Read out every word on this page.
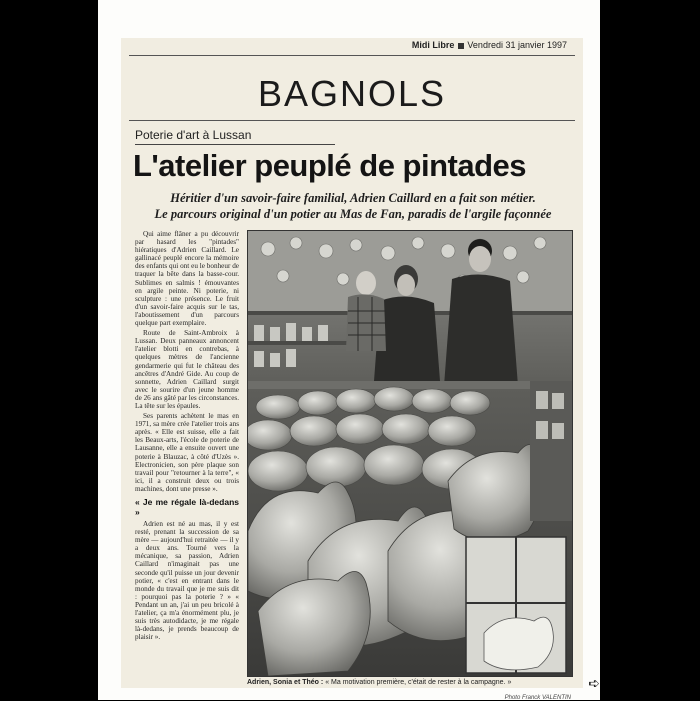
Midi Libre Vendredi 31 janvier 1997
BAGNOLS
Poterie d'art à Lussan
L'atelier peuplé de pintades
Héritier d'un savoir-faire familial, Adrien Caillard en a fait son métier.
Le parcours original d'un potier au Mas de Fan, paradis de l'argile façonnée

Qui aime flâner a pu découvrir par hasard les "pintades" hiératiques d'Adrien Caillard. Le gallinacé peuplé encore la mémoire des enfants qui ont eu le bonheur de traquer la bête dans la basse-cour. Sublimes en salmis ! émouvantes en argile peinte. Ni poterie, ni sculpture : une présence. Le fruit d'un savoir-faire acquis sur le tas, l'aboutissement d'un parcours quelque part exemplaire.

Route de Saint-Ambroix à Lussan. Deux panneaux annoncent l'atelier blotti en contrebas, à quelques mètres de l'ancienne gendarmerie qui fut le château des ancêtres d'André Gide. Au coup de sonnette, Adrien Caillard surgit avec le sourire d'un jeune homme de 26 ans gâté par les circonstances. La tête sur les épaules.

Ses parents achètent le mas en 1971, sa mère crée l'atelier trois ans après. « Elle est suisse, elle a fait les Beaux-arts, l'école de poterie de Lausanne, elle a ensuite ouvert une poterie à Blauzac, à côté d'Uzès ». Electronicien, son père plaque son travail pour "retourner à la terre", « ici, il a construit deux ou trois machines, dont une presse ».

« Je me régale là-dedans »

Adrien est né au mas, il y est resté, prenant la succession de sa mère — aujourd'hui retraitée — il y a deux ans. Tourné vers la mécanique, sa passion, Adrien Caillard n'imaginait pas une seconde qu'il puisse un jour devenir potier, « c'est en entrant dans le monde du travail que je me suis dit : pourquoi pas la poterie ? » « Pendant un an, j'ai un peu bricolé à l'atelier, ça m'a énormément plu, je suis très autodidacte, je me régale là-dedans, je prends beaucoup de plaisir ».

Adrien, Sonia et Théo : « Ma motivation première, c'était de rester à la campagne. »
Photo Franck VALENTIN
➪
